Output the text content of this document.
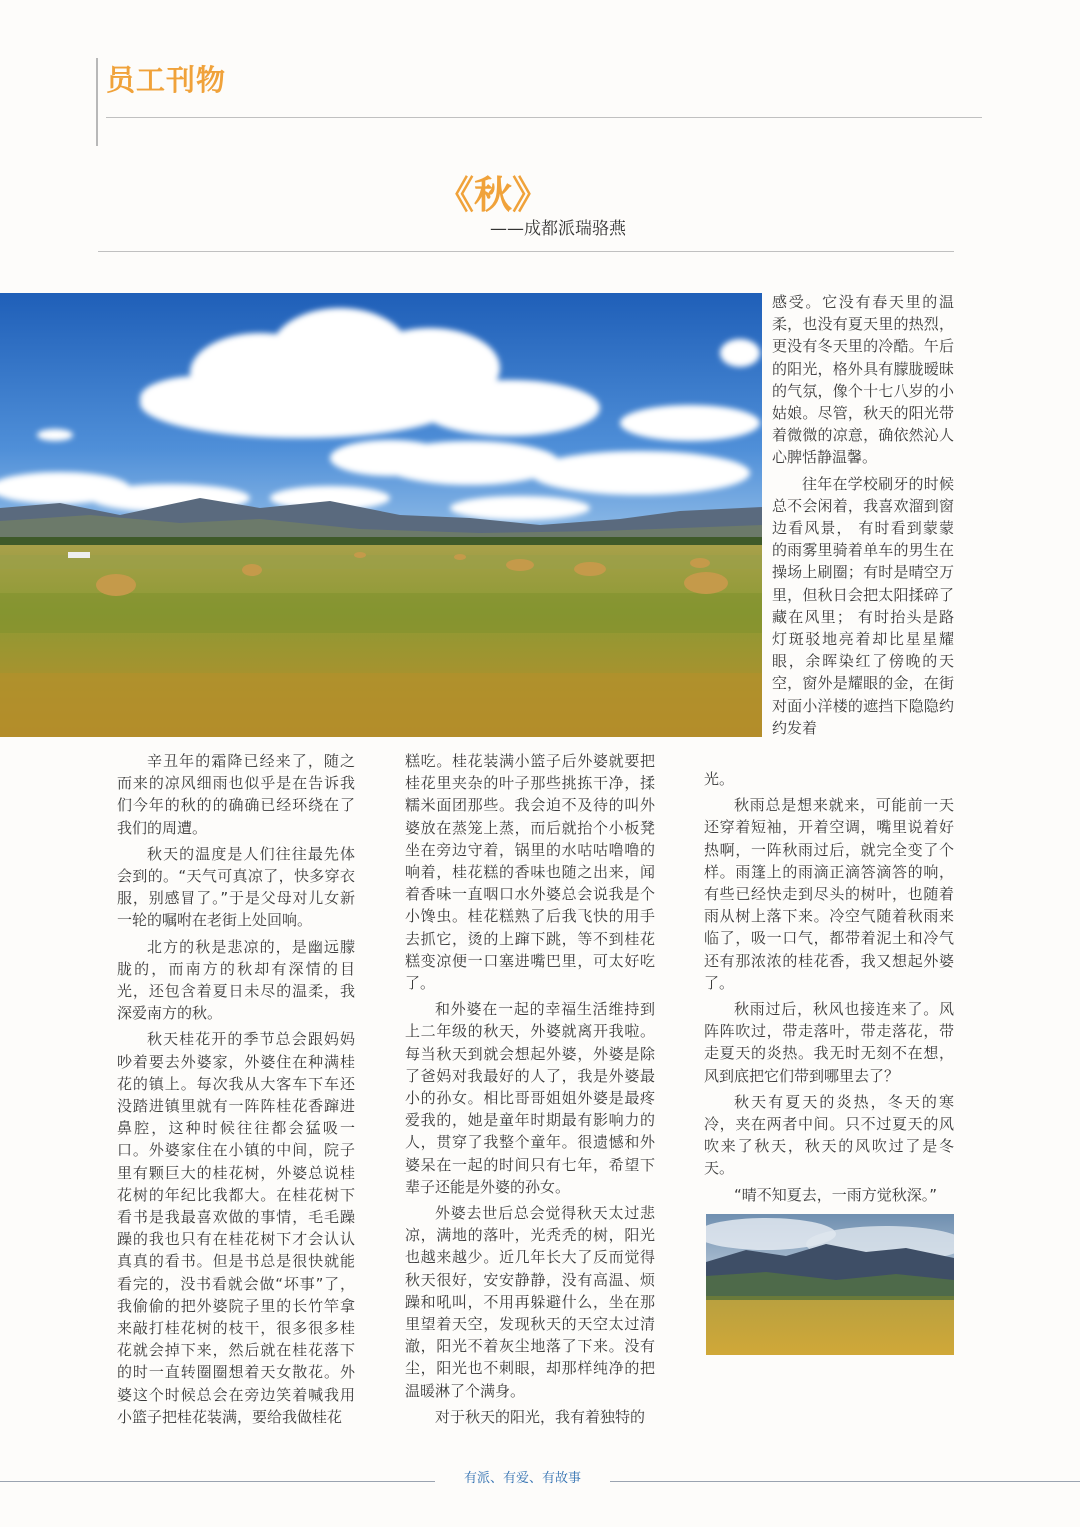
员工刊物
《秋》
——成都派瑞骆燕

辛丑年的霜降已经来了，随之而来的凉风细雨也似乎是在告诉我们今年的秋的的确确已经环绕在了我们的周遭。

秋天的温度是人们往往最先体会到的。“天气可真凉了，快多穿衣服，别感冒了。”于是父母对儿女新一轮的嘱咐在老街上处回响。

北方的秋是悲凉的，是幽远朦胧的，而南方的秋却有深情的目光，还包含着夏日未尽的温柔，我深爱南方的秋。

秋天桂花开的季节总会跟妈妈吵着要去外婆家，外婆住在种满桂花的镇上。每次我从大客车下车还没踏进镇里就有一阵阵桂花香蹿进鼻腔，这种时候往往都会猛吸一口。外婆家住在小镇的中间，院子里有颗巨大的桂花树，外婆总说桂花树的年纪比我都大。在桂花树下看书是我最喜欢做的事情，毛毛躁躁的我也只有在桂花树下才会认认真真的看书。但是书总是很快就能看完的，没书看就会做“坏事”了，我偷偷的把外婆院子里的长竹竿拿来敲打桂花树的枝干，很多很多桂花就会掉下来，然后就在桂花落下的时一直转圈圈想着天女散花。外婆这个时候总会在旁边笑着喊我用小篮子把桂花装满，要给我做桂花

糕吃。桂花装满小篮子后外婆就要把桂花里夹杂的叶子那些挑拣干净，揉糯米面团那些。我会迫不及待的叫外婆放在蒸笼上蒸，而后就抬个小板凳坐在旁边守着，锅里的水咕咕噜噜的响着，桂花糕的香味也随之出来，闻着香味一直咽口水外婆总会说我是个小馋虫。桂花糕熟了后我飞快的用手去抓它，烫的上蹿下跳，等不到桂花糕变凉便一口塞进嘴巴里，可太好吃了。

和外婆在一起的幸福生活维持到上二年级的秋天，外婆就离开我啦。每当秋天到就会想起外婆，外婆是除了爸妈对我最好的人了，我是外婆最小的孙女。相比哥哥姐姐外婆是最疼爱我的，她是童年时期最有影响力的人，贯穿了我整个童年。很遗憾和外婆呆在一起的时间只有七年，希望下辈子还能是外婆的孙女。

外婆去世后总会觉得秋天太过悲凉，满地的落叶，光秃秃的树，阳光也越来越少。近几年长大了反而觉得秋天很好，安安静静，没有高温、烦躁和吼叫，不用再躲避什么，坐在那里望着天空，发现秋天的天空太过清澈，阳光不着灰尘地落了下来。没有尘，阳光也不刺眼，却那样纯净的把温暖淋了个满身。

对于秋天的阳光，我有着独特的

感受。它没有春天里的温柔，也没有夏天里的热烈，更没有冬天里的冷酷。午后的阳光，格外具有朦胧暧昧的气氛，像个十七八岁的小姑娘。尽管，秋天的阳光带着微微的凉意，确依然沁人心脾恬静温馨。

往年在学校刷牙的时候总不会闲着，我喜欢溜到窗边看风景， 有时看到蒙蒙的雨雾里骑着单车的男生在操场上刷圈；有时是晴空万里，但秋日会把太阳揉碎了藏在风里； 有时抬头是路灯斑驳地亮着却比星星耀眼，余晖染红了傍晚的天空，窗外是耀眼的金，在街对面小洋楼的遮挡下隐隐约约发着

光。

秋雨总是想来就来，可能前一天还穿着短袖，开着空调，嘴里说着好热啊，一阵秋雨过后，就完全变了个样。雨篷上的雨滴正滴答滴答的响，有些已经快走到尽头的树叶，也随着雨从树上落下来。冷空气随着秋雨来临了，吸一口气，都带着泥土和冷气还有那浓浓的桂花香，我又想起外婆了。

秋雨过后，秋风也接连来了。风阵阵吹过，带走落叶，带走落花，带走夏天的炎热。我无时无刻不在想，风到底把它们带到哪里去了？

秋天有夏天的炎热，冬天的寒冷，夹在两者中间。只不过夏天的风吹来了秋天，秋天的风吹过了是冬天。

“晴不知夏去，一雨方觉秋深。”

有派、有爱、有故事
